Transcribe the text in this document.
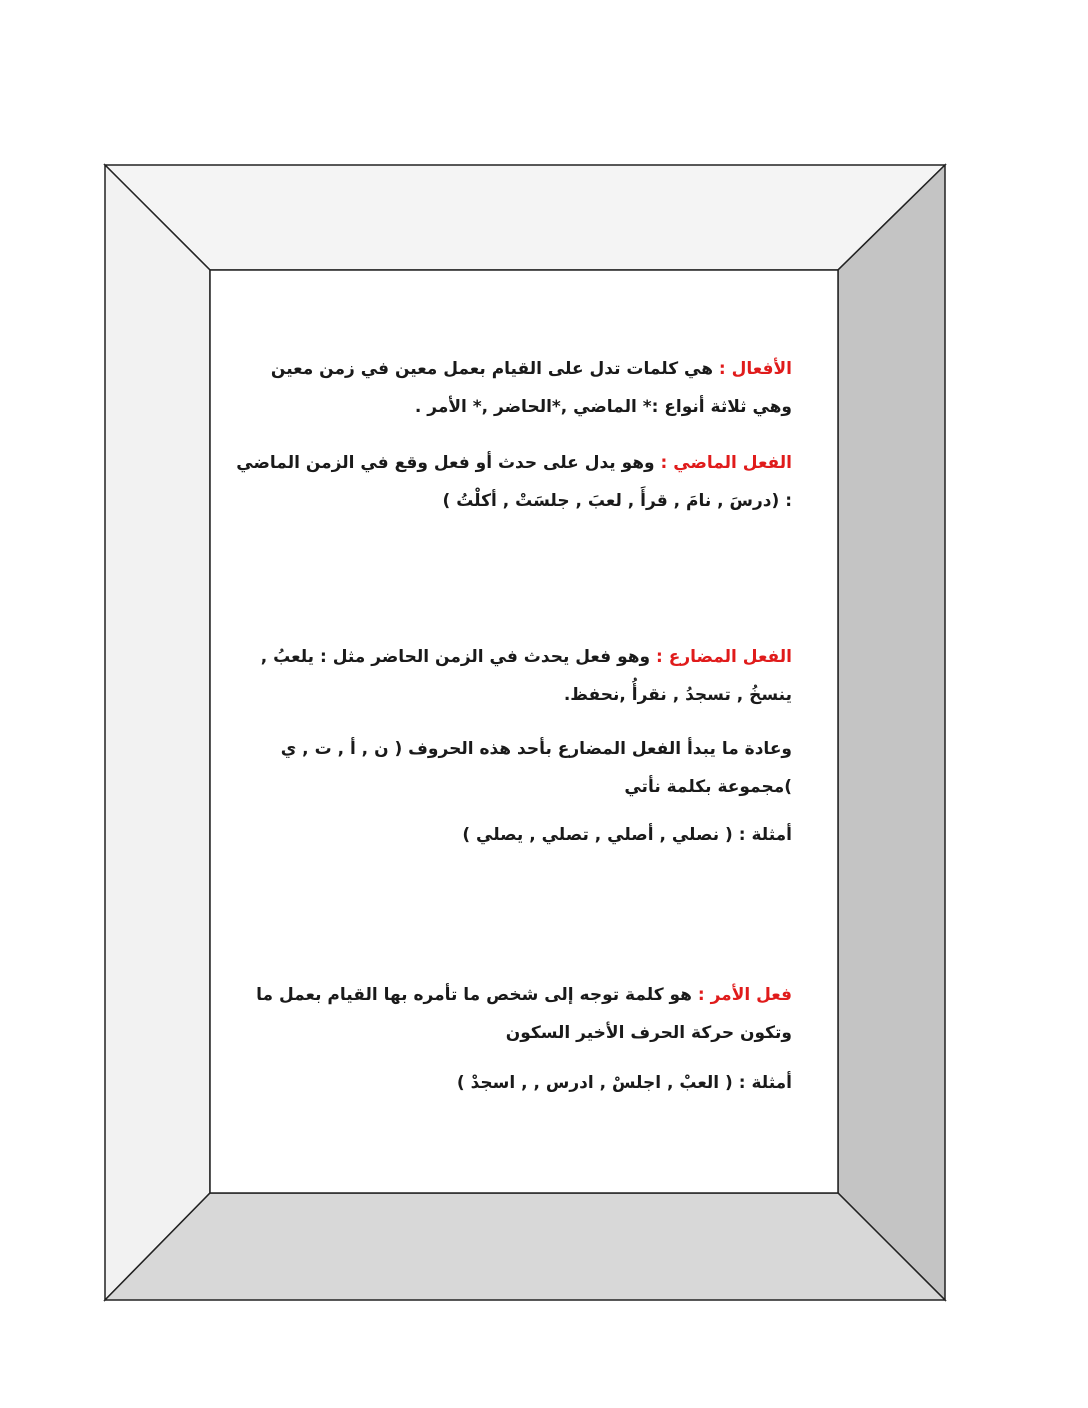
الأفعال : هي كلمات تدل على القيام بعمل معين في زمن معين وهي ثلاثة أنواع :* الماضي ,*الحاضر ,* الأمر .

الفعل الماضي : وهو يدل على حدث أو فعل وقع في الزمن الماضي : (درسَ , نامَ , قرأَ , لعبَ , جلسَتْ , أكلْتُ )

الفعل المضارع : وهو فعل يحدث في الزمن الحاضر مثل : يلعبُ , ينسخُ , تسجدُ , نقرأُ ,نحفظ.

وعادة ما يبدأ الفعل المضارع بأحد هذه الحروف ( ن , أ , ت , ي )مجموعة بكلمة نأتي

أمثلة : ( نصلي , أصلي , تصلي , يصلي )

فعل الأمر : هو كلمة توجه إلى شخص ما تأمره بها القيام بعمل ما وتكون حركة الحرف الأخير السكون

أمثلة : ( العبْ , اجلسْ , ادرس , , اسجدْ )
